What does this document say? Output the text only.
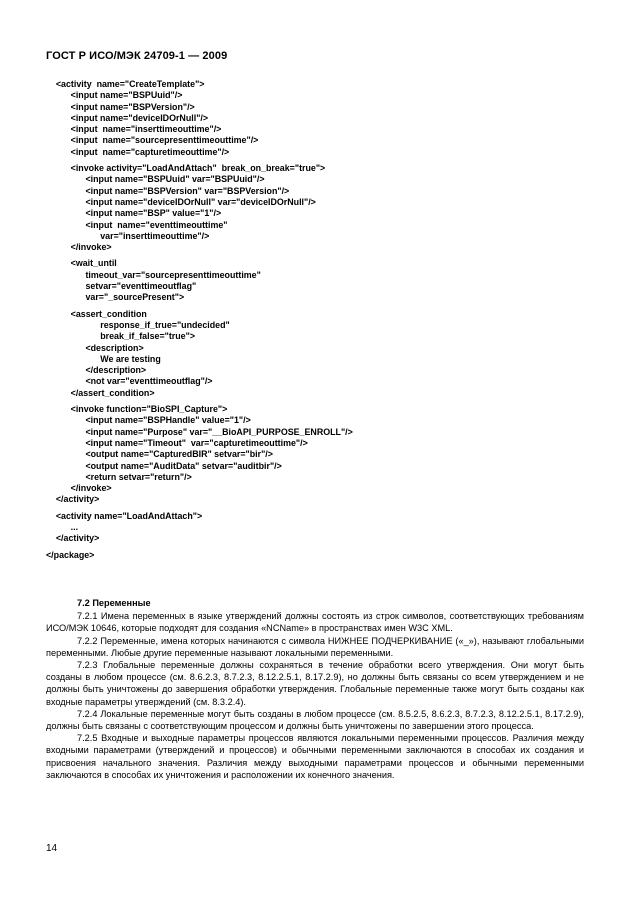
ГОСТ Р ИСО/МЭК 24709-1 — 2009
<activity  name="CreateTemplate">
<input name="BSPUuid"/>
<input name="BSPVersion"/>
<input name="deviceIDOrNull"/>
<input  name="inserttimeouttime"/>
<input  name="sourcepresenttimeouttime"/>
<input  name="capturetimeouttime"/>
<invoke activity="LoadAndAttach"  break_on_break="true">
<input name="BSPUuid" var="BSPUuid"/>
<input name="BSPVersion" var="BSPVersion"/>
<input name="deviceIDOrNull" var="deviceIDOrNull"/>
<input name="BSP" value="1"/>
<input  name="eventtimeouttime"
var="inserttimeouttime"/>
</invoke>
<wait_until
timeout_var="sourcepresenttimeouttime"
setvar="eventtimeoutflag"
var="_sourcePresent">
<assert_condition
response_if_true="undecided"
break_if_false="true">
<description>
We are testing
</description>
<not var="eventtimeoutflag"/>
</assert_condition>
<invoke function="BioSPI_Capture">
<input name="BSPHandle" value="1"/>
<input name="Purpose" var="__BioAPI_PURPOSE_ENROLL"/>
<input name="Timeout"  var="capturetimeouttime"/>
<output name="CapturedBIR" setvar="bir"/>
<output name="AuditData" setvar="auditbir"/>
<return setvar="return"/>
</invoke>
</activity>
<activity name="LoadAndAttach">
...
</activity>
</package>
7.2 Переменные

7.2.1 Имена переменных в языке утверждений должны состоять из строк символов, соответствующих требованиям ИСО/МЭК 10646, которые подходят для создания «NCName» в пространствах имен W3C XML.

7.2.2 Переменные, имена которых начинаются с символа НИЖНЕЕ ПОДЧЕРКИВАНИЕ («_»), называют глобальными переменными. Любые другие переменные называют локальными переменными.

7.2.3 Глобальные переменные должны сохраняться в течение обработки всего утверждения. Они могут быть созданы в любом процессе (см. 8.6.2.3, 8.7.2.3, 8.12.2.5.1, 8.17.2.9), но должны быть связаны со всем утверждением и не должны быть уничтожены до завершения обработки утверждения. Глобальные переменные также могут быть созданы как входные параметры утверждений (см. 8.3.2.4).

7.2.4 Локальные переменные могут быть созданы в любом процессе (см. 8.5.2.5, 8.6.2.3, 8.7.2.3, 8.12.2.5.1, 8.17.2.9), должны быть связаны с соответствующим процессом и должны быть уничтожены по завершении этого процесса.

7.2.5 Входные и выходные параметры процессов являются локальными переменными процессов. Различия между входными параметрами (утверждений и процессов) и обычными переменными заключаются в способах их создания и присвоения начального значения. Различия между выходными параметрами процессов и обычными переменными заключаются в способах их уничтожения и расположении их конечного значения.

14
